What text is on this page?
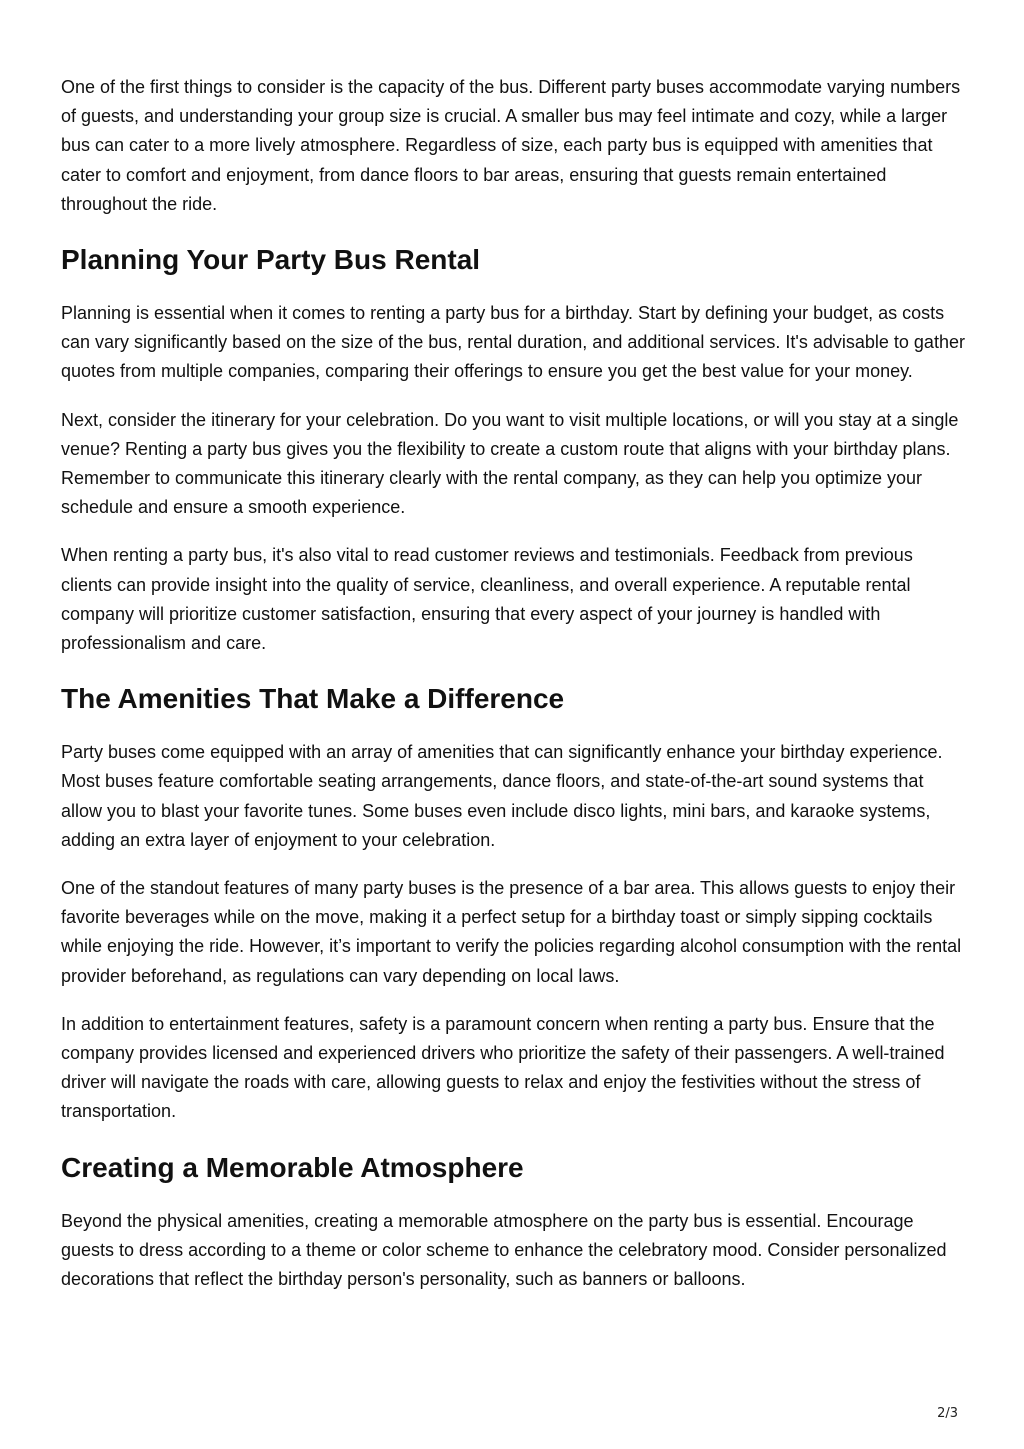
One of the first things to consider is the capacity of the bus. Different party buses accommodate varying numbers of guests, and understanding your group size is crucial. A smaller bus may feel intimate and cozy, while a larger bus can cater to a more lively atmosphere. Regardless of size, each party bus is equipped with amenities that cater to comfort and enjoyment, from dance floors to bar areas, ensuring that guests remain entertained throughout the ride.

Planning Your Party Bus Rental

Planning is essential when it comes to renting a party bus for a birthday. Start by defining your budget, as costs can vary significantly based on the size of the bus, rental duration, and additional services. It's advisable to gather quotes from multiple companies, comparing their offerings to ensure you get the best value for your money.

Next, consider the itinerary for your celebration. Do you want to visit multiple locations, or will you stay at a single venue? Renting a party bus gives you the flexibility to create a custom route that aligns with your birthday plans. Remember to communicate this itinerary clearly with the rental company, as they can help you optimize your schedule and ensure a smooth experience.

When renting a party bus, it's also vital to read customer reviews and testimonials. Feedback from previous clients can provide insight into the quality of service, cleanliness, and overall experience. A reputable rental company will prioritize customer satisfaction, ensuring that every aspect of your journey is handled with professionalism and care.

The Amenities That Make a Difference

Party buses come equipped with an array of amenities that can significantly enhance your birthday experience. Most buses feature comfortable seating arrangements, dance floors, and state-of-the-art sound systems that allow you to blast your favorite tunes. Some buses even include disco lights, mini bars, and karaoke systems, adding an extra layer of enjoyment to your celebration.

One of the standout features of many party buses is the presence of a bar area. This allows guests to enjoy their favorite beverages while on the move, making it a perfect setup for a birthday toast or simply sipping cocktails while enjoying the ride. However, it’s important to verify the policies regarding alcohol consumption with the rental provider beforehand, as regulations can vary depending on local laws.

In addition to entertainment features, safety is a paramount concern when renting a party bus. Ensure that the company provides licensed and experienced drivers who prioritize the safety of their passengers. A well-trained driver will navigate the roads with care, allowing guests to relax and enjoy the festivities without the stress of transportation.

Creating a Memorable Atmosphere

Beyond the physical amenities, creating a memorable atmosphere on the party bus is essential. Encourage guests to dress according to a theme or color scheme to enhance the celebratory mood. Consider personalized decorations that reflect the birthday person's personality, such as banners or balloons.

2/3
